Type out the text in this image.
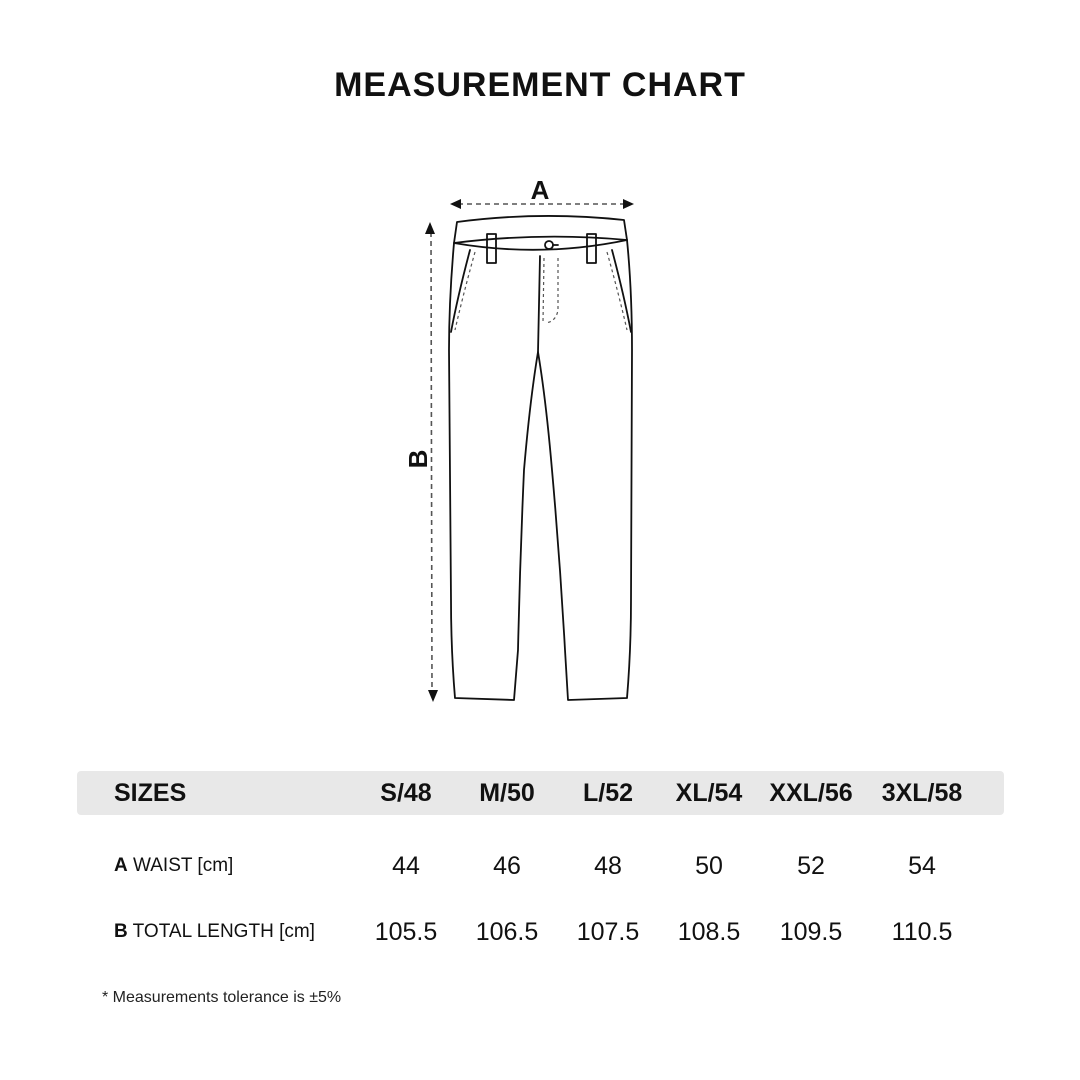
MEASUREMENT CHART
A
B
SIZES	S/48	M/50	L/52	XL/54	XXL/56	3XL/58
A WAIST [cm]	44	46	48	50	52	54
B TOTAL LENGTH [cm]	105.5	106.5	107.5	108.5	109.5	110.5
* Measurements tolerance is ±5%
